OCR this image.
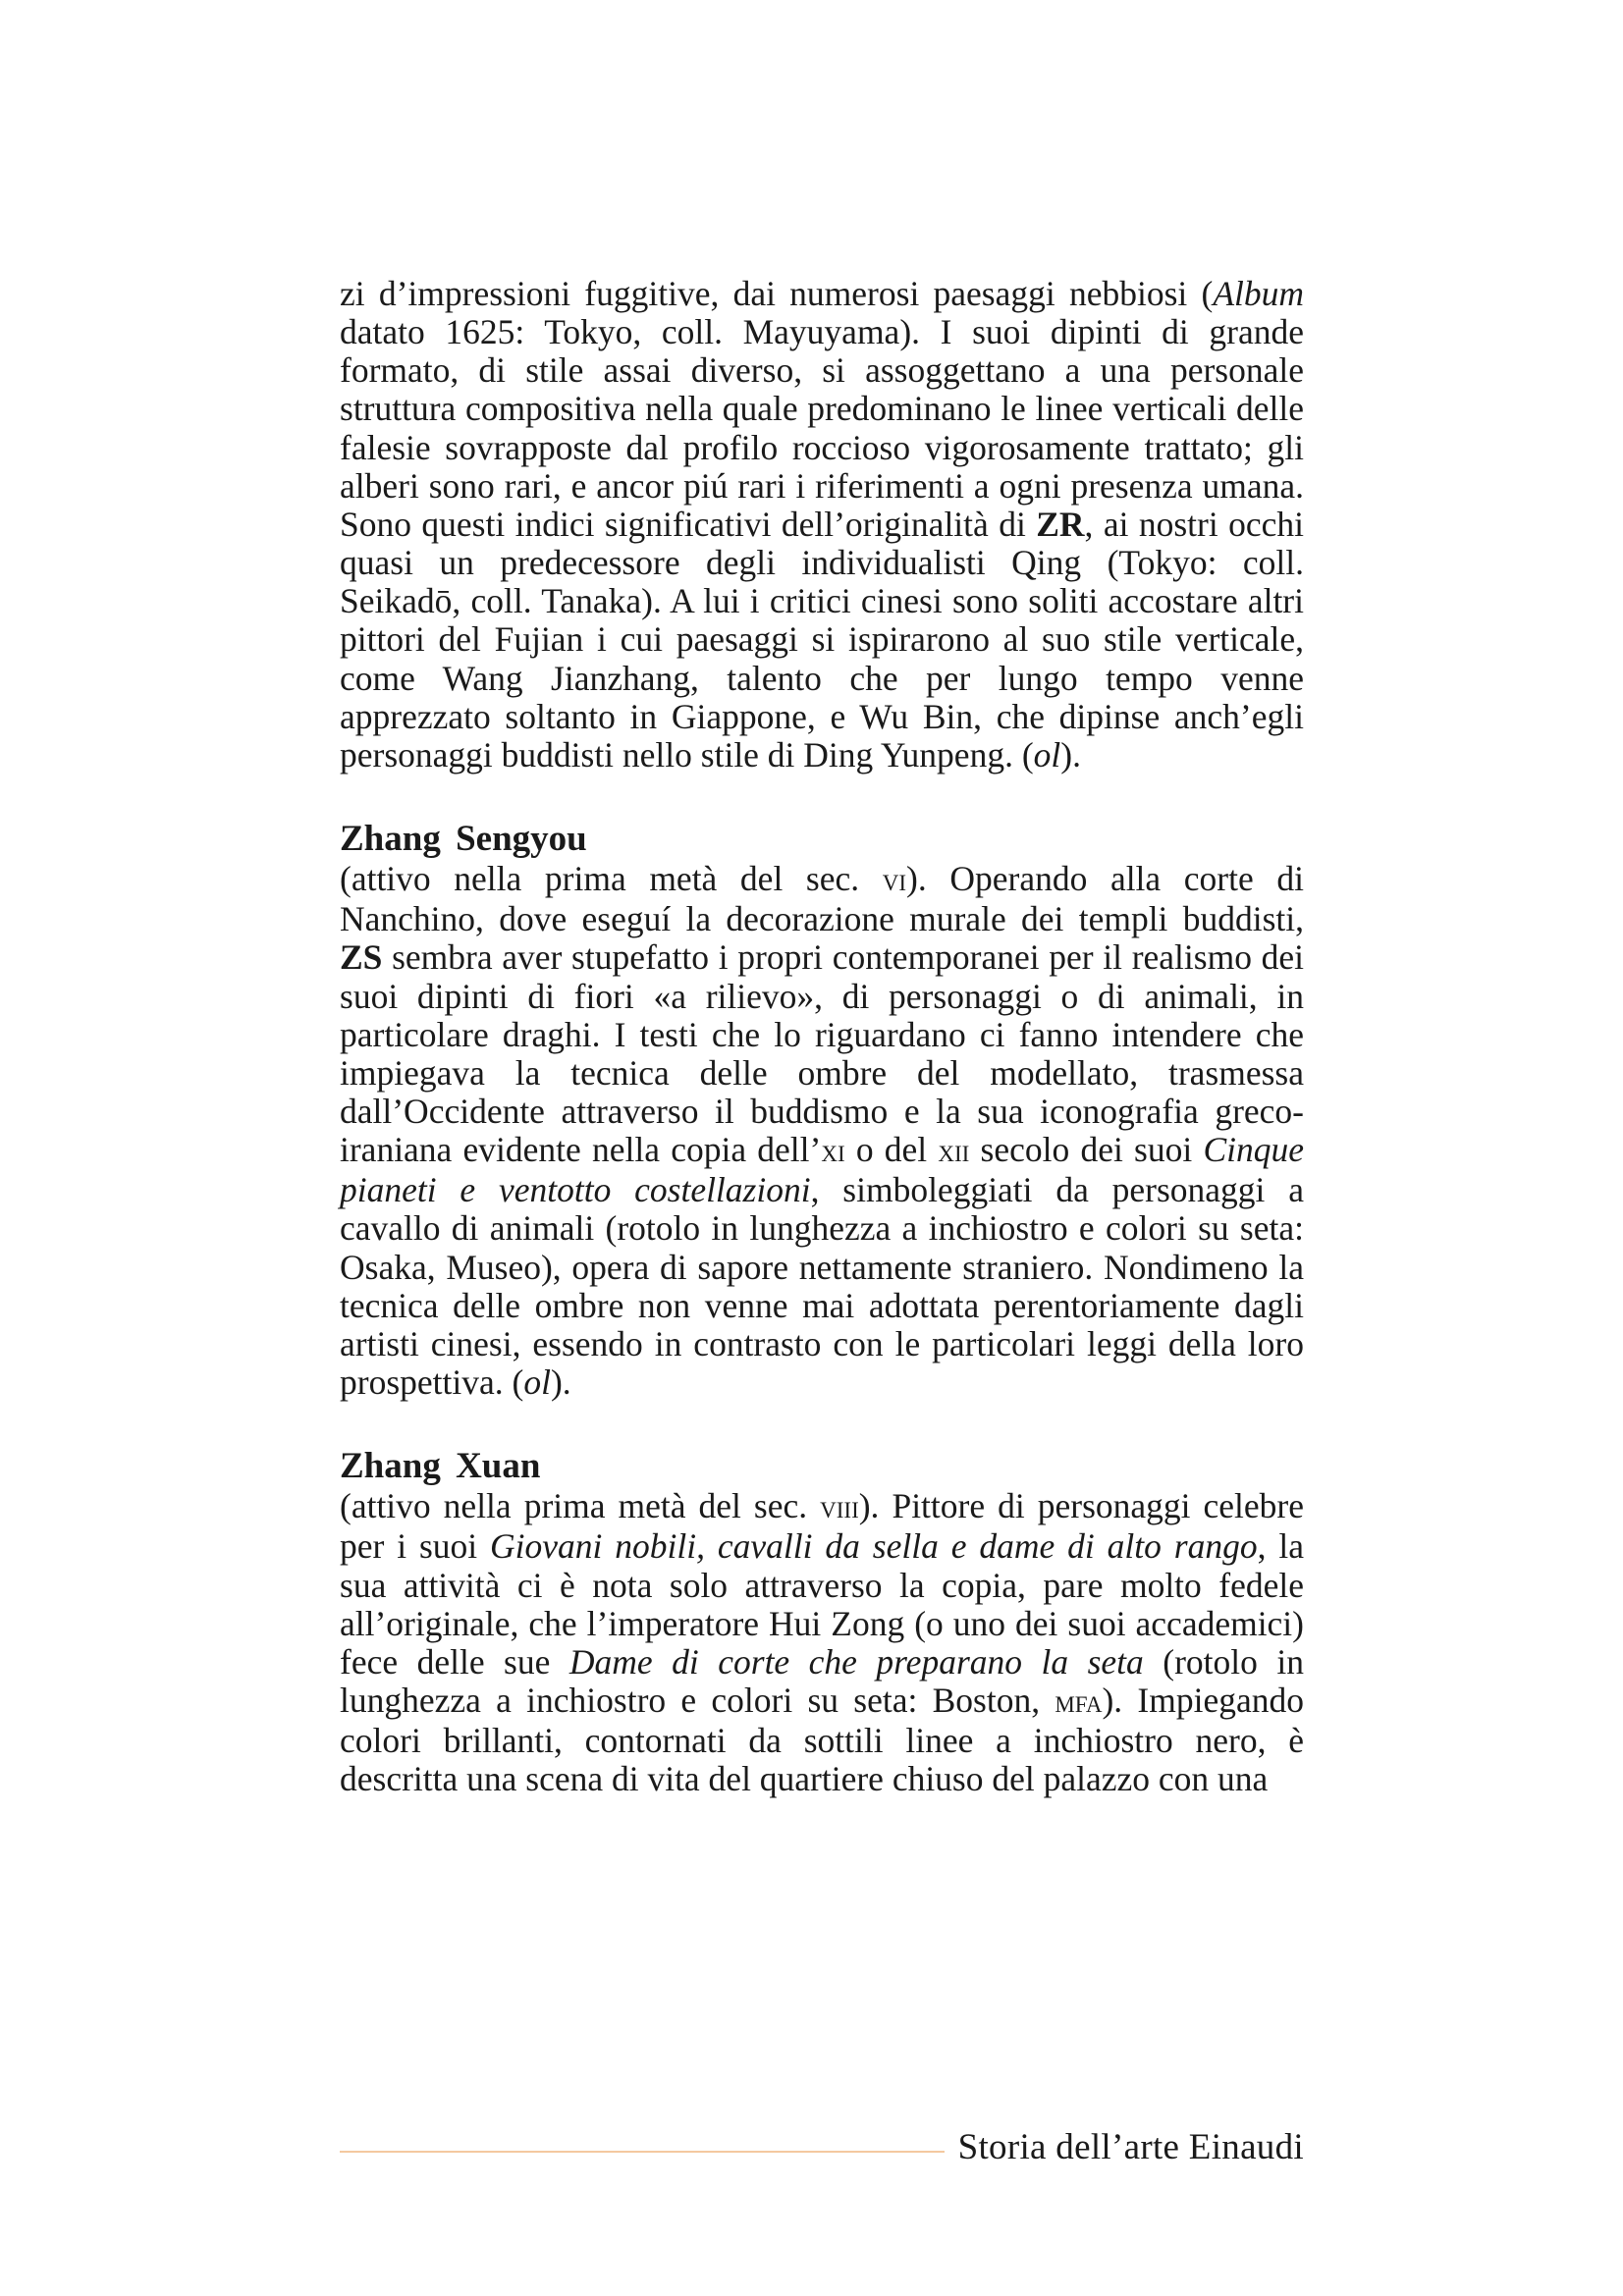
zi d’impressioni fuggitive, dai numerosi paesaggi nebbiosi (Album datato 1625: Tokyo, coll. Mayuyama). I suoi dipinti di grande formato, di stile assai diverso, si assoggettano a una personale struttura compositiva nella quale predominano le linee verticali delle falesie sovrapposte dal profilo roccioso vigorosamente trattato; gli alberi sono rari, e ancor piú rari i riferimenti a ogni presenza umana. Sono questi indici significativi dell’originalità di ZR, ai nostri occhi quasi un predecessore degli individualisti Qing (Tokyo: coll. Seikadō, coll. Tanaka). A lui i critici cinesi sono soliti accostare altri pittori del Fujian i cui paesaggi si ispirarono al suo stile verticale, come Wang Jianzhang, talento che per lungo tempo venne apprezzato soltanto in Giappone, e Wu Bin, che dipinse anch’egli personaggi buddisti nello stile di Ding Yunpeng. (ol).

Zhang Sengyou

(attivo nella prima metà del sec. vi). Operando alla corte di Nanchino, dove eseguí la decorazione murale dei templi buddisti, ZS sembra aver stupefatto i propri contemporanei per il realismo dei suoi dipinti di fiori «a rilievo», di personaggi o di animali, in particolare draghi. I testi che lo riguardano ci fanno intendere che impiegava la tecnica delle ombre del modellato, trasmessa dall’Occidente attraverso il buddismo e la sua iconografia greco-iraniana evidente nella copia dell’xi o del xii secolo dei suoi Cinque pianeti e ventotto costellazioni, simboleggiati da personaggi a cavallo di animali (rotolo in lunghezza a inchiostro e colori su seta: Osaka, Museo), opera di sapore nettamente straniero. Nondimeno la tecnica delle ombre non venne mai adottata perentoriamente dagli artisti cinesi, essendo in contrasto con le particolari leggi della loro prospettiva. (ol).

Zhang Xuan

(attivo nella prima metà del sec. viii). Pittore di personaggi celebre per i suoi Giovani nobili, cavalli da sella e dame di alto rango, la sua attività ci è nota solo attraverso la copia, pare molto fedele all’originale, che l’imperatore Hui Zong (o uno dei suoi accademici) fece delle sue Dame di corte che preparano la seta (rotolo in lunghezza a inchiostro e colori su seta: Boston, mfa). Impiegando colori brillanti, contornati da sottili linee a inchiostro nero, è descritta una scena di vita del quartiere chiuso del palazzo con una

Storia dell’arte Einaudi
